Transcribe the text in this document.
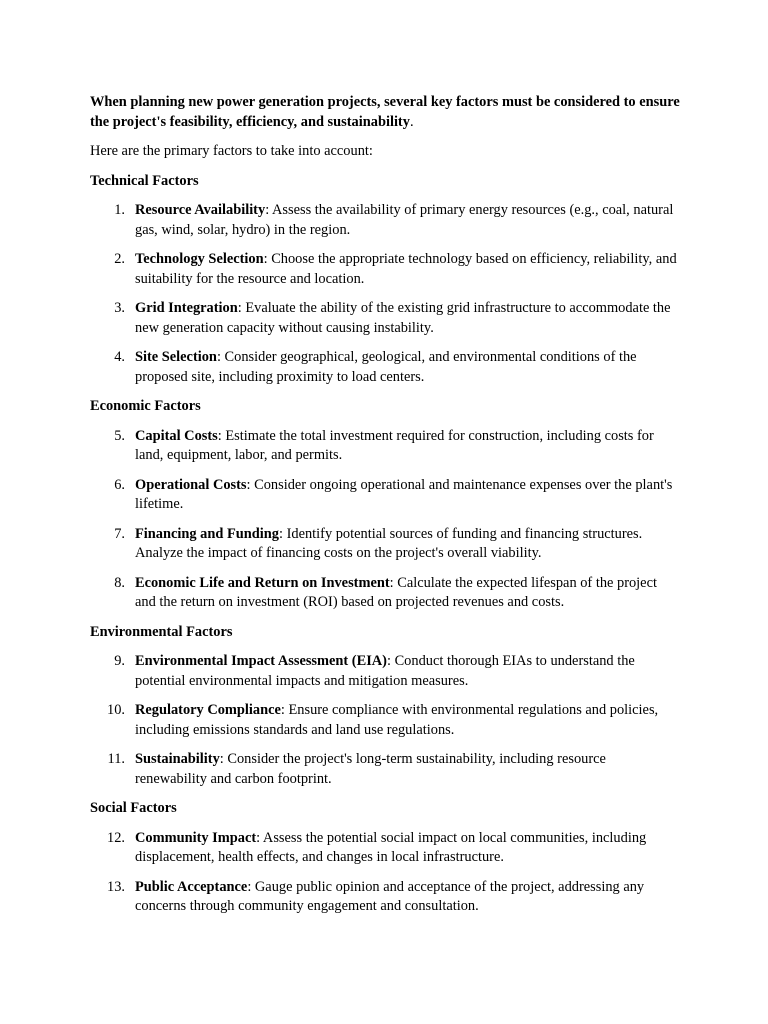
When planning new power generation projects, several key factors must be considered to ensure the project's feasibility, efficiency, and sustainability.

Here are the primary factors to take into account:

Technical Factors

1. Resource Availability: Assess the availability of primary energy resources (e.g., coal, natural gas, wind, solar, hydro) in the region.
2. Technology Selection: Choose the appropriate technology based on efficiency, reliability, and suitability for the resource and location.
3. Grid Integration: Evaluate the ability of the existing grid infrastructure to accommodate the new generation capacity without causing instability.
4. Site Selection: Consider geographical, geological, and environmental conditions of the proposed site, including proximity to load centers.

Economic Factors

5. Capital Costs: Estimate the total investment required for construction, including costs for land, equipment, labor, and permits.
6. Operational Costs: Consider ongoing operational and maintenance expenses over the plant's lifetime.
7. Financing and Funding: Identify potential sources of funding and financing structures. Analyze the impact of financing costs on the project's overall viability.
8. Economic Life and Return on Investment: Calculate the expected lifespan of the project and the return on investment (ROI) based on projected revenues and costs.

Environmental Factors

9. Environmental Impact Assessment (EIA): Conduct thorough EIAs to understand the potential environmental impacts and mitigation measures.
10. Regulatory Compliance: Ensure compliance with environmental regulations and policies, including emissions standards and land use regulations.
11. Sustainability: Consider the project's long-term sustainability, including resource renewability and carbon footprint.

Social Factors

12. Community Impact: Assess the potential social impact on local communities, including displacement, health effects, and changes in local infrastructure.
13. Public Acceptance: Gauge public opinion and acceptance of the project, addressing any concerns through community engagement and consultation.
